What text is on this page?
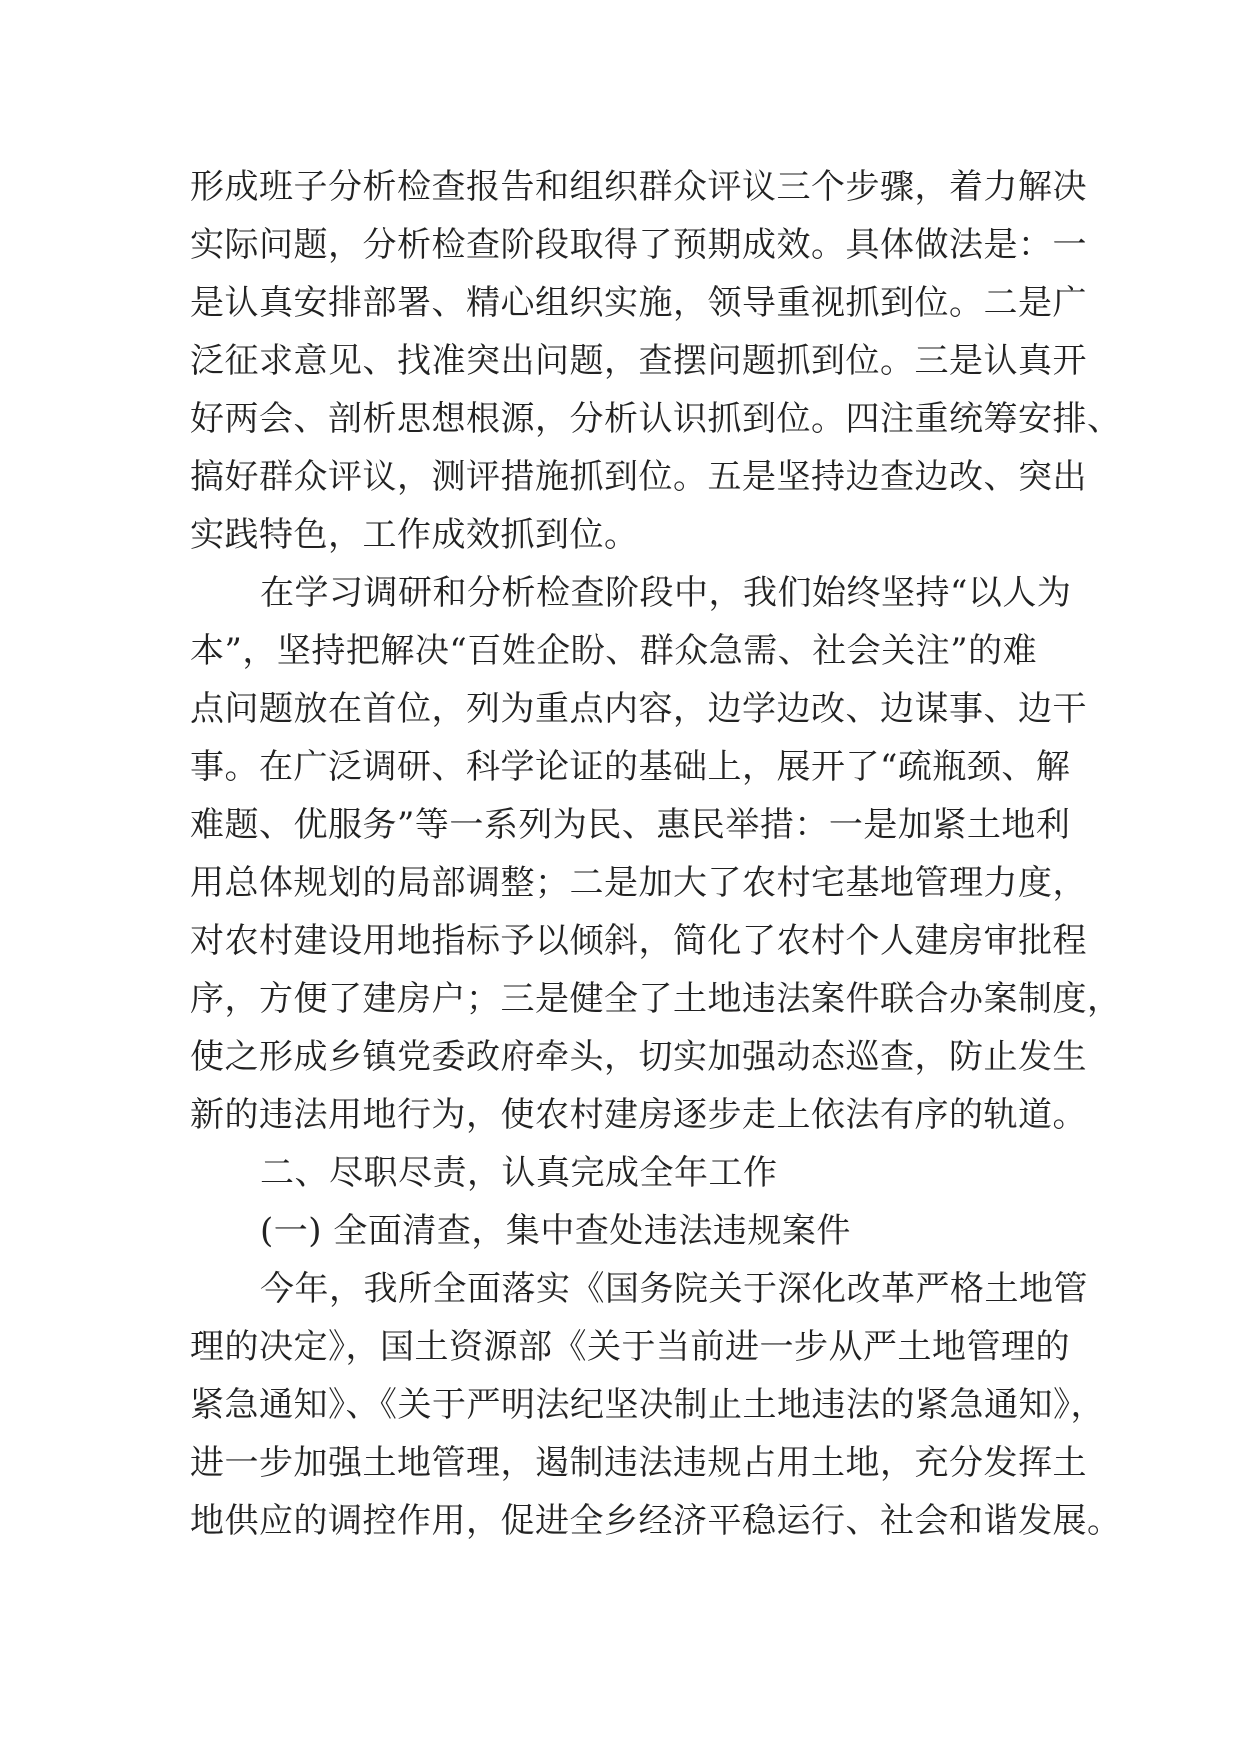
形成班子分析检查报告和组织群众评议三个步骤，着力解决
实际问题，分析检查阶段取得了预期成效。具体做法是：一
是认真安排部署、精心组织实施，领导重视抓到位。二是广
泛征求意见、找准突出问题，查摆问题抓到位。三是认真开
好两会、剖析思想根源，分析认识抓到位。四注重统筹安排、
搞好群众评议，测评措施抓到位。五是坚持边查边改、突出
实践特色，工作成效抓到位。
在学习调研和分析检查阶段中，我们始终坚持“以人为
本”，坚持把解决“百姓企盼、群众急需、社会关注”的难
点问题放在首位，列为重点内容，边学边改、边谋事、边干
事。在广泛调研、科学论证的基础上，展开了“疏瓶颈、解
难题、优服务”等一系列为民、惠民举措：一是加紧土地利
用总体规划的局部调整；二是加大了农村宅基地管理力度，
对农村建设用地指标予以倾斜，简化了农村个人建房审批程
序，方便了建房户；三是健全了土地违法案件联合办案制度，
使之形成乡镇党委政府牵头，切实加强动态巡查，防止发生
新的违法用地行为，使农村建房逐步走上依法有序的轨道。
二、尽职尽责，认真完成全年工作
(一) 全面清查，集中查处违法违规案件
今年，我所全面落实《国务院关于深化改革严格土地管
理的决定》，国土资源部《关于当前进一步从严土地管理的
紧急通知》、《关于严明法纪坚决制止土地违法的紧急通知》，
进一步加强土地管理，遏制违法违规占用土地，充分发挥土
地供应的调控作用，促进全乡经济平稳运行、社会和谐发展。
